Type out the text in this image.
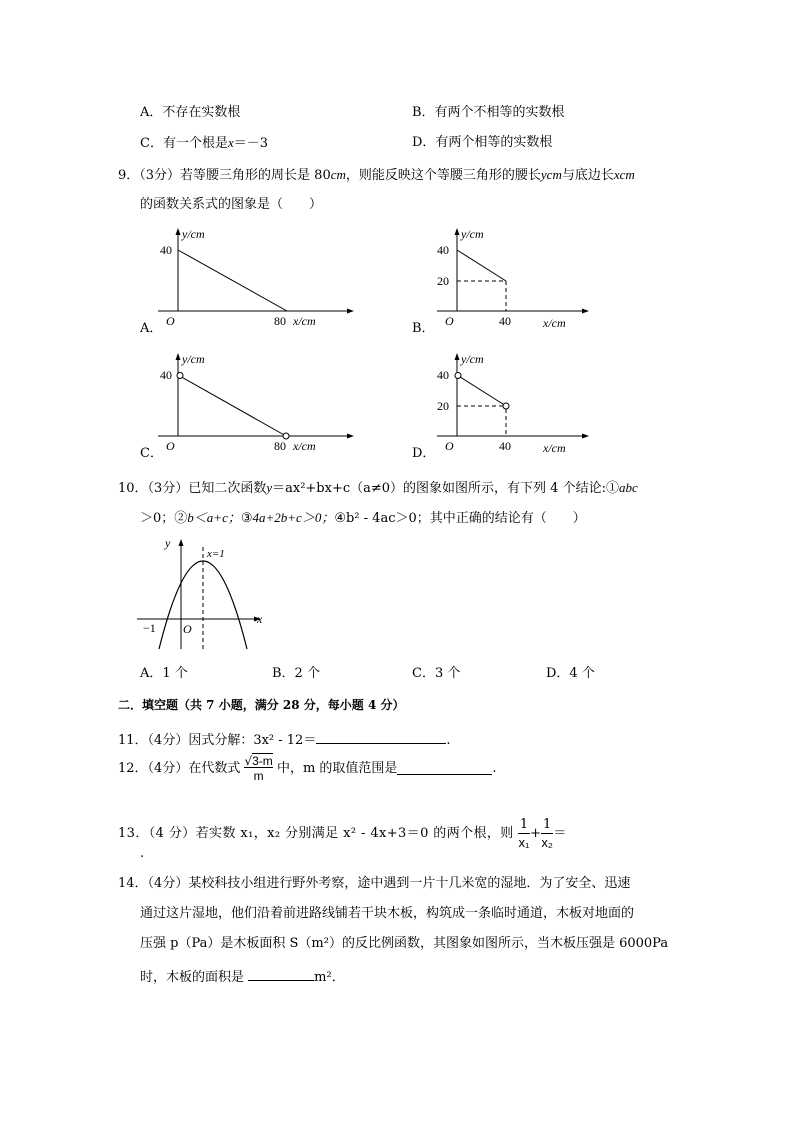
A．不存在实数根	B．有两个不相等的实数根
C．有一个根是x＝－3	D．有两个相等的实数根
9．（3分）若等腰三角形的周长是 80cm，则能反映这个等腰三角形的腰长ycm与底边长xcm
的函数关系式的图象是（　　）
A．	B．
C．	D．
y/cm
40
O	80 x/cm
y/cm
40
20
O	40	x/cm
y/cm
40
O	80 x/cm
y/cm
40
20
O	40	x/cm
10．（3分）已知二次函数y＝ax²+bx+c（a≠0）的图象如图所示，有下列 4 个结论:①abc
＞0；②b＜a+c；③4a+2b+c＞0；④b² - 4ac＞0；其中正确的结论有（　　）
y
x
x=1
−1 O
A．1 个	B．2 个	C．3 个	D．4 个
二．填空题（共 7 小题，满分 28 分，每小题 4 分）
11．（4分）因式分解：3x² - 12＝	.
12．（4分）在代数式 $\frac{√3-m}{m}$ 中，m 的取值范围是	.
13．（4 分）若实数 x₁，x₂ 分别满足 x² - 4x+3＝0 的两个根，则 $\frac{1}{\text{x₁}} + \frac{1}{\text{x₂}}$ ＝
.
14．（4分）某校科技小组进行野外考察，途中遇到一片十几米宽的湿地．为了安全、迅速
通过这片湿地，他们沿着前进路线铺若干块木板，构筑成一条临时通道，木板对地面的
压强 p（Pa）是木板面积 S（m²）的反比例函数，其图象如图所示，当木板压强是 6000Pa
时，木板的面积是	m²．
